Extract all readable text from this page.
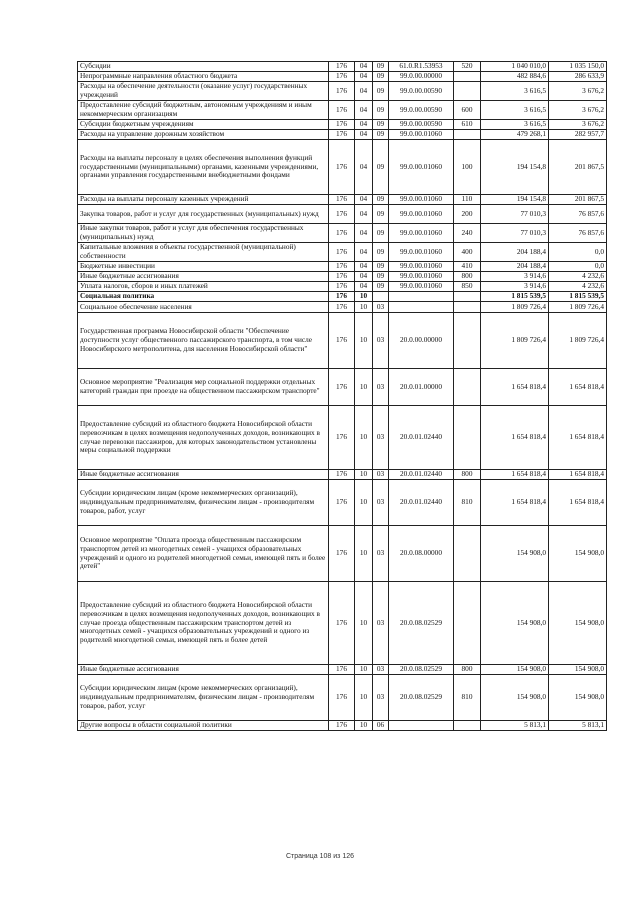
Субсидии	176	04	09	61.0.R1.53953	520	1 040 010,0	1 035 150,0
Непрограммные направления областного бюджета	176	04	09	99.0.00.00000		482 884,6	286 633,9
Расходы на обеспечение деятельности (оказание услуг) государственных учреждений	176	04	09	99.0.00.00590		3 616,5	3 676,2
Предоставление субсидий бюджетным, автономным учреждениям и иным некоммерческим организациям	176	04	09	99.0.00.00590	600	3 616,5	3 676,2
Субсидии бюджетным учреждениям	176	04	09	99.0.00.00590	610	3 616,5	3 676,2
Расходы на управление дорожным хозяйством	176	04	09	99.0.00.01060		479 268,1	282 957,7
Расходы на выплаты персоналу в целях обеспечения выполнения функций государственными (муниципальными) органами, казенными учреждениями, органами управления государственными внебюджетными фондами	176	04	09	99.0.00.01060	100	194 154,8	201 867,5
Расходы на выплаты персоналу казенных учреждений	176	04	09	99.0.00.01060	110	194 154,8	201 867,5
Закупка товаров, работ и услуг для государственных (муниципальных) нужд	176	04	09	99.0.00.01060	200	77 010,3	76 857,6
Иные закупки товаров, работ и услуг для обеспечения государственных (муниципальных) нужд	176	04	09	99.0.00.01060	240	77 010,3	76 857,6
Капитальные вложения в объекты государственной (муниципальной) собственности	176	04	09	99.0.00.01060	400	204 188,4	0,0
Бюджетные инвестиции	176	04	09	99.0.00.01060	410	204 188,4	0,0
Иные бюджетные ассигнования	176	04	09	99.0.00.01060	800	3 914,6	4 232,6
Уплата налогов, сборов и иных платежей	176	04	09	99.0.00.01060	850	3 914,6	4 232,6
Социальная политика	176	10				1 815 539,5	1 815 539,5
Социальное обеспечение населения	176	10	03			1 809 726,4	1 809 726,4
Государственная программа Новосибирской области "Обеспечение доступности услуг общественного пассажирского транспорта, в том числе Новосибирского метрополитена, для населения Новосибирской области"	176	10	03	20.0.00.00000		1 809 726,4	1 809 726,4
Основное мероприятие "Реализация мер социальной поддержки отдельных категорий граждан при проезде на общественном пассажирском транспорте"	176	10	03	20.0.01.00000		1 654 818,4	1 654 818,4
Предоставление субсидий из областного бюджета Новосибирской области перевозчикам в целях возмещения недополученных доходов, возникающих в случае перевозки пассажиров, для которых законодательством установлены меры социальной поддержки	176	10	03	20.0.01.02440		1 654 818,4	1 654 818,4
Иные бюджетные ассигнования	176	10	03	20.0.01.02440	800	1 654 818,4	1 654 818,4
Субсидии юридическим лицам (кроме некоммерческих организаций), индивидуальным предпринимателям, физическим лицам - производителям товаров, работ, услуг	176	10	03	20.0.01.02440	810	1 654 818,4	1 654 818,4
Основное мероприятие "Оплата проезда общественным пассажирским транспортом детей из многодетных семей - учащихся образовательных учреждений и одного из родителей многодетной семьи, имеющей пять и более детей"	176	10	03	20.0.08.00000		154 908,0	154 908,0
Предоставление субсидий из областного бюджета Новосибирской области перевозчикам в целях возмещения недополученных доходов, возникающих в случае проезда общественным пассажирским транспортом детей из многодетных семей - учащихся образовательных учреждений и одного из родителей многодетной семьи, имеющей пять и более детей	176	10	03	20.0.08.02529		154 908,0	154 908,0
Иные бюджетные ассигнования	176	10	03	20.0.08.02529	800	154 908,0	154 908,0
Субсидии юридическим лицам (кроме некоммерческих организаций), индивидуальным предпринимателям, физическим лицам - производителям товаров, работ, услуг	176	10	03	20.0.08.02529	810	154 908,0	154 908,0
Другие вопросы в области социальной политики	176	10	06			5 813,1	5 813,1
Страница 108 из 126
